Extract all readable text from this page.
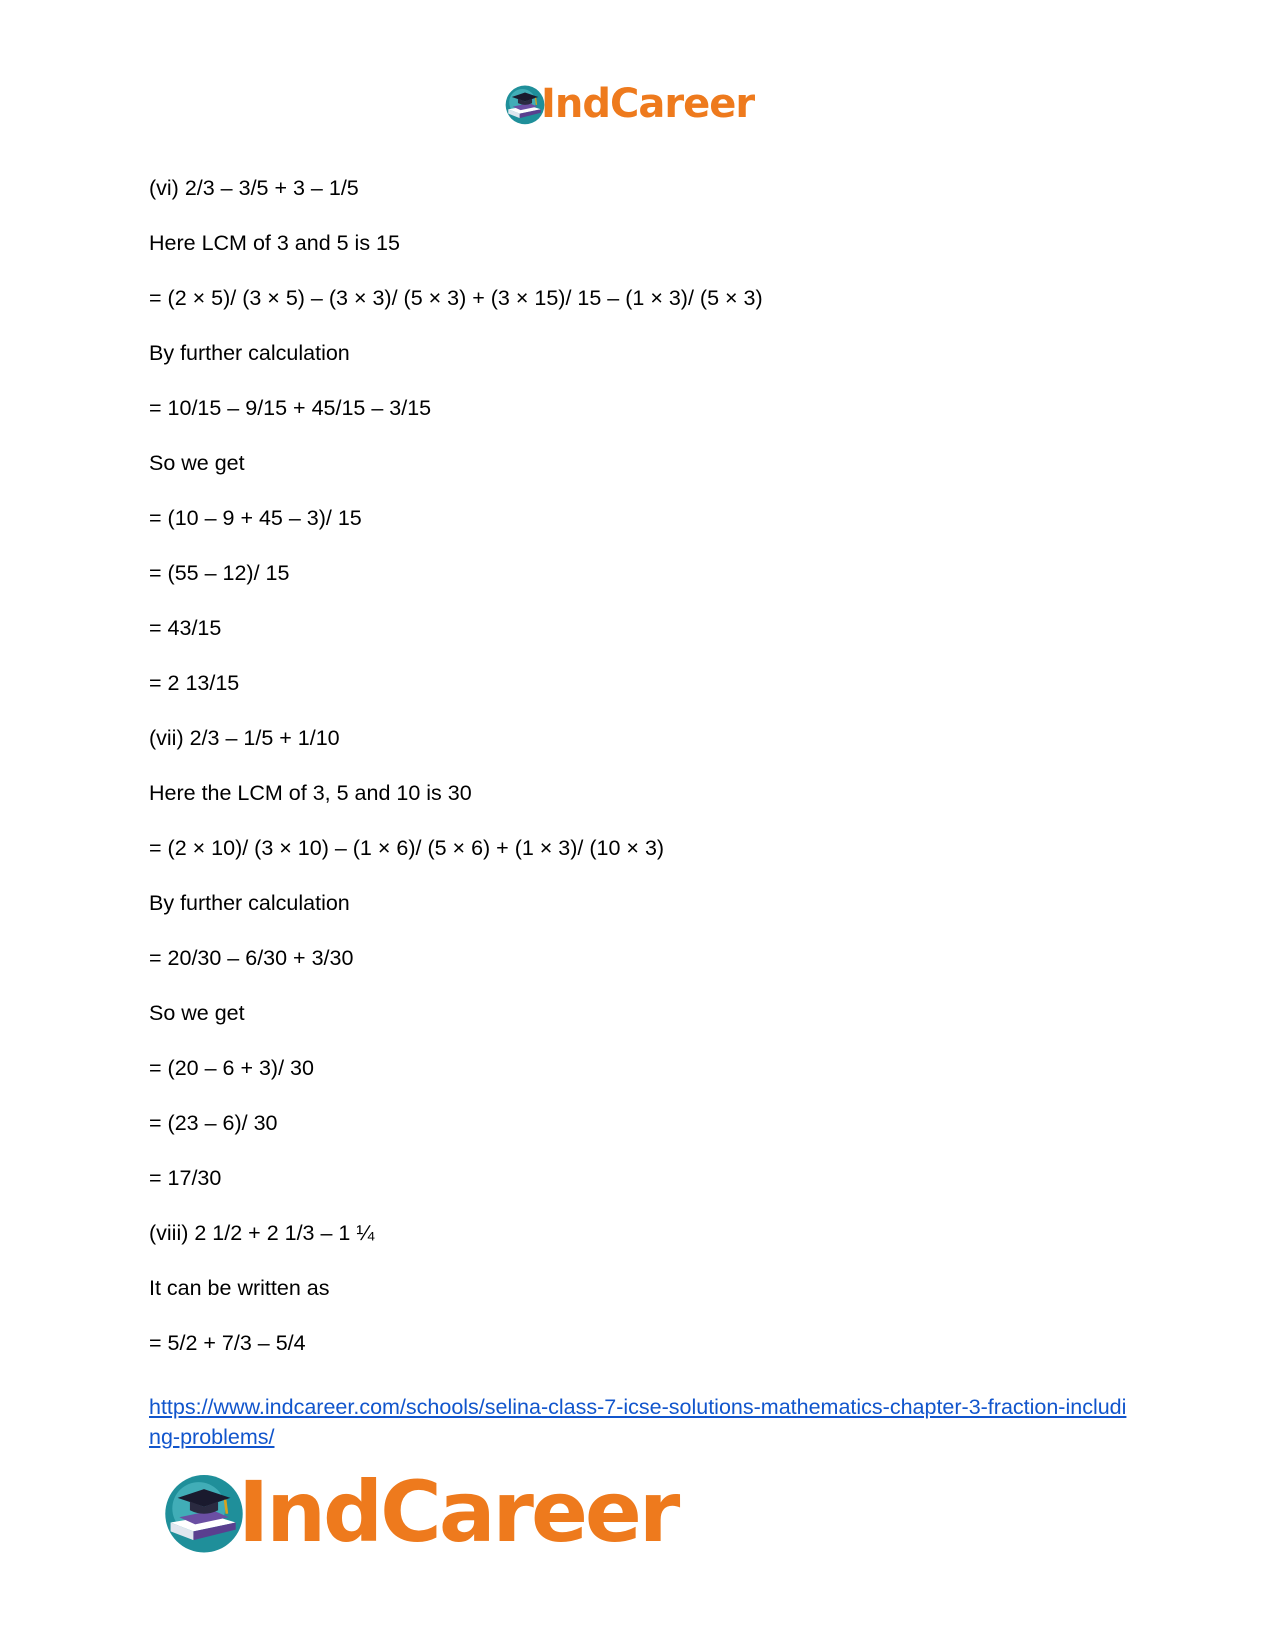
IndCareer
(vi) 2/3 – 3/5 + 3 – 1/5
Here LCM of 3 and 5 is 15
= (2 × 5)/ (3 × 5) – (3 × 3)/ (5 × 3) + (3 × 15)/ 15 – (1 × 3)/ (5 × 3)
By further calculation
= 10/15 – 9/15 + 45/15 – 3/15
So we get
= (10 – 9 + 45 – 3)/ 15
= (55 – 12)/ 15
= 43/15
= 2 13/15
(vii) 2/3 – 1/5 + 1/10
Here the LCM of 3, 5 and 10 is 30
= (2 × 10)/ (3 × 10) – (1 × 6)/ (5 × 6) + (1 × 3)/ (10 × 3)
By further calculation
= 20/30 – 6/30 + 3/30
So we get
= (20 – 6 + 3)/ 30
= (23 – 6)/ 30
= 17/30
(viii) 2 1/2 + 2 1/3 – 1 ¼
It can be written as
= 5/2 + 7/3 – 5/4
https://www.indcareer.com/schools/selina-class-7-icse-solutions-mathematics-chapter-3-fraction-including-problems/
IndCareer
